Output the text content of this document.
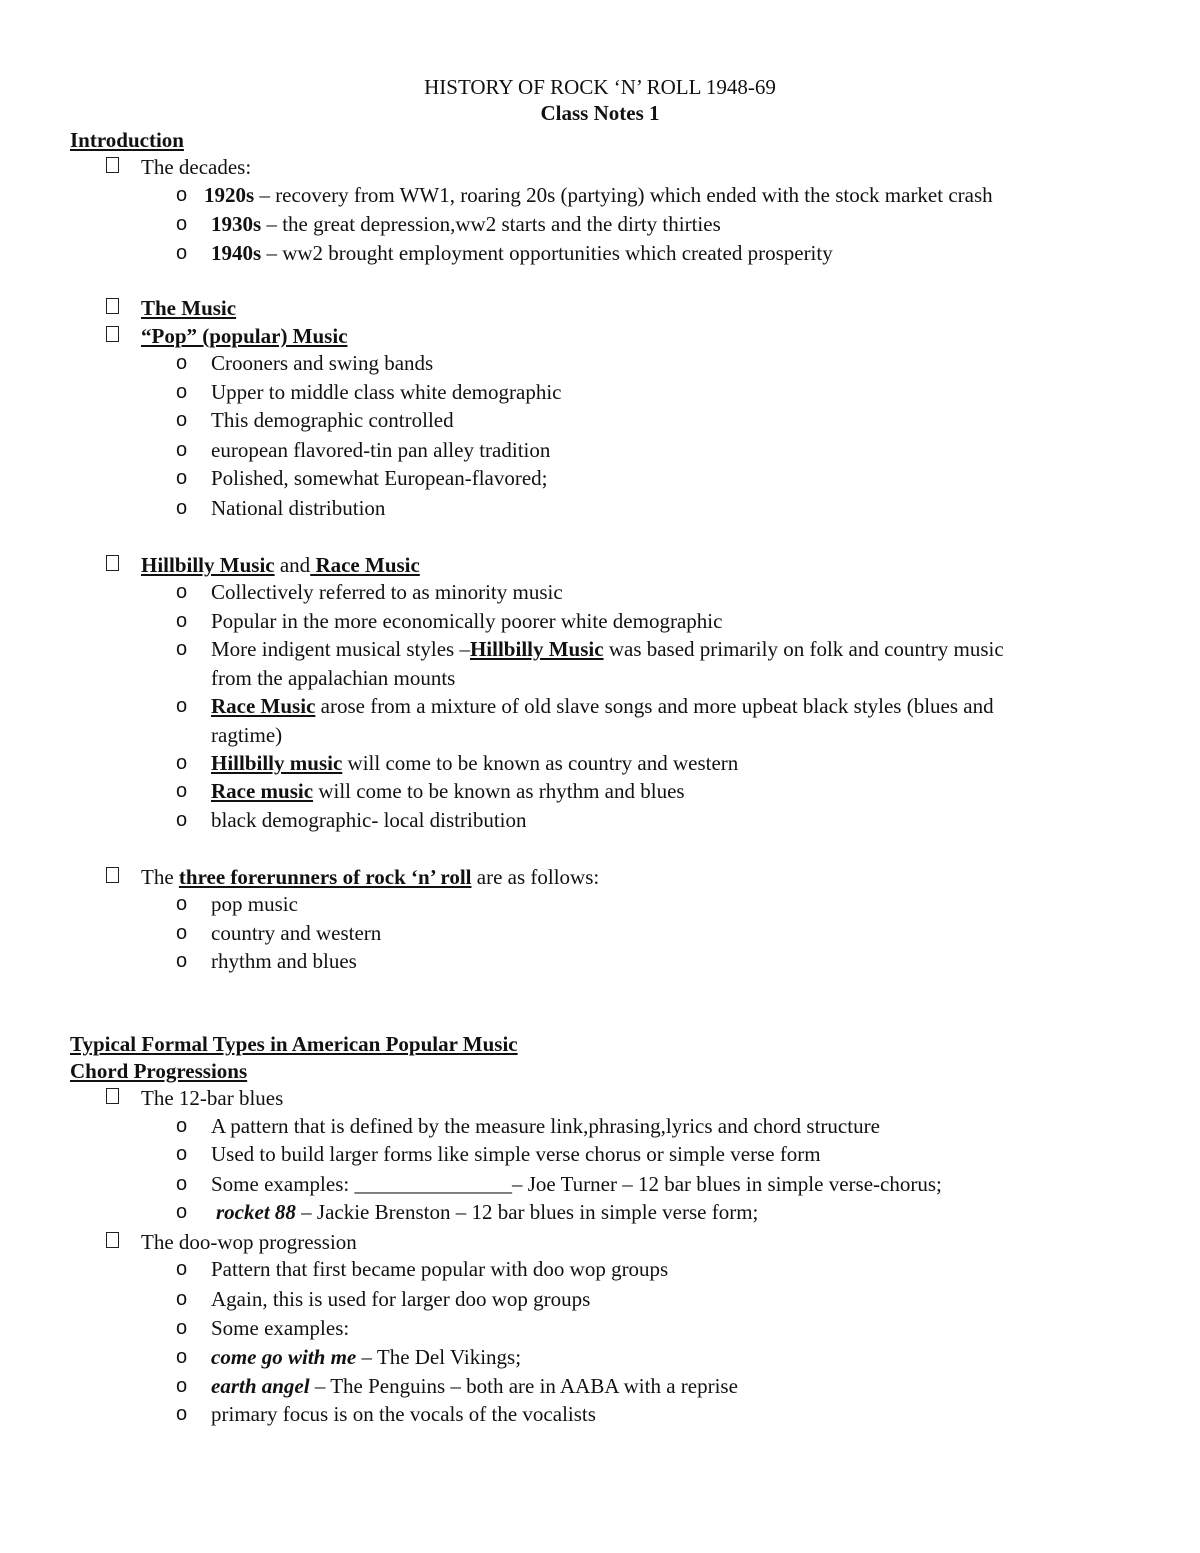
HISTORY OF ROCK ‘N’ ROLL 1948-69
Class Notes 1
Introduction
The decades:
o 1920s – recovery from WW1, roaring 20s (partying) which ended with the stock market crash
o 1930s – the great depression,ww2 starts and the dirty thirties
o 1940s – ww2 brought employment opportunities which created prosperity
The Music
“Pop” (popular) Music
o Crooners and swing bands
o Upper to middle class white demographic
o This demographic controlled
o european flavored-tin pan alley tradition
o Polished, somewhat European-flavored;
o National distribution
Hillbilly Music and Race Music
o Collectively referred to as minority music
o Popular in the more economically poorer white demographic
o More indigent musical styles –Hillbilly Music was based primarily on folk and country music
from the appalachian mounts
o Race Music arose from a mixture of old slave songs and more upbeat black styles (blues and
ragtime)
o Hillbilly music will come to be known as country and western
o Race music will come to be known as rhythm and blues
o black demographic- local distribution
The three forerunners of rock ‘n’ roll are as follows:
o pop music
o country and western
o rhythm and blues
Typical Formal Types in American Popular Music
Chord Progressions
The 12-bar blues
o A pattern that is defined by the measure link,phrasing,lyrics and chord structure
o Used to build larger forms like simple verse chorus or simple verse form
o Some examples: _______________– Joe Turner – 12 bar blues in simple verse-chorus;
o rocket 88 – Jackie Brenston – 12 bar blues in simple verse form;
The doo-wop progression
o Pattern that first became popular with doo wop groups
o Again, this is used for larger doo wop groups
o Some examples:
o come go with me – The Del Vikings;
o earth angel – The Penguins – both are in AABA with a reprise
o primary focus is on the vocals of the vocalists
